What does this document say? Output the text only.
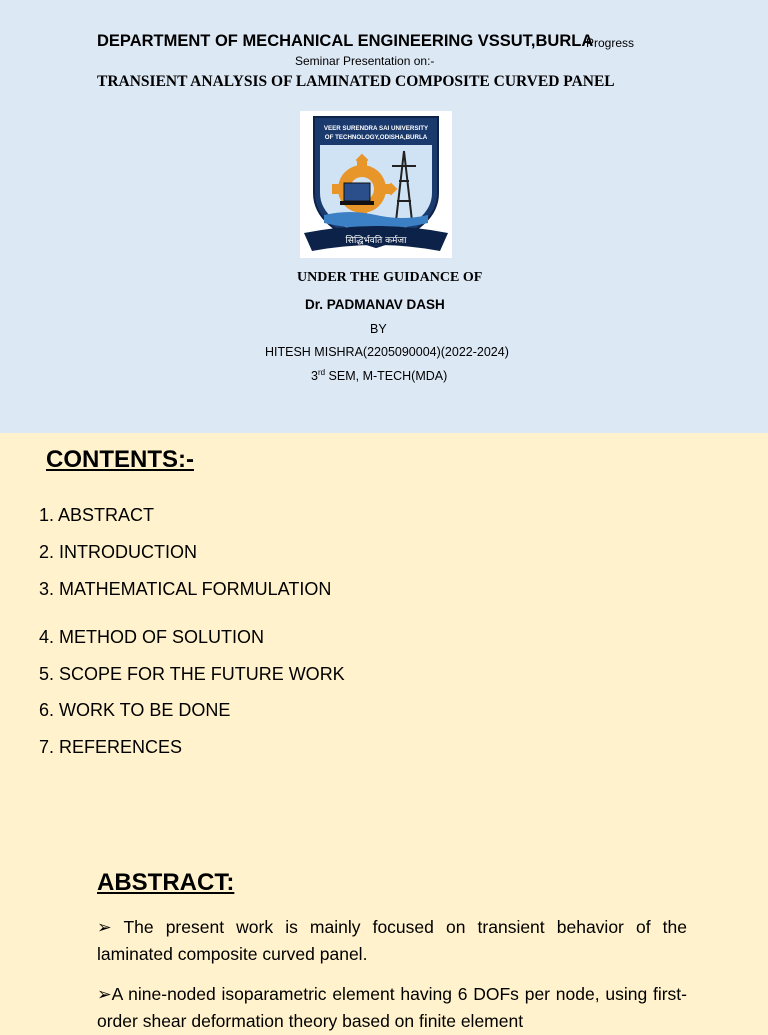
DEPARTMENT OF MECHANICAL ENGINEERING VSSUT,BURLA
Progress
Seminar Presentation on:-
TRANSIENT ANALYSIS OF LAMINATED COMPOSITE CURVED PANEL
VEER SURENDRA SAI UNIVERSITY
OF TECHNOLOGY,ODISHA,BURLA
सिद्धिर्भवति कर्मजा
UNDER THE GUIDANCE OF
Dr. PADMANAV DASH
BY
HITESH MISHRA(2205090004)(2022-2024)
3rd SEM, M-TECH(MDA)
CONTENTS:-
1. ABSTRACT
2. INTRODUCTION
3. MATHEMATICAL FORMULATION
4. METHOD OF SOLUTION
5. SCOPE FOR THE FUTURE WORK
6. WORK TO BE DONE
7. REFERENCES
ABSTRACT:
➢ The present work is mainly focused on transient behavior of the laminated composite curved panel.
➢A nine-noded isoparametric element having 6 DOFs per node, using first-order shear deformation theory based on finite element
